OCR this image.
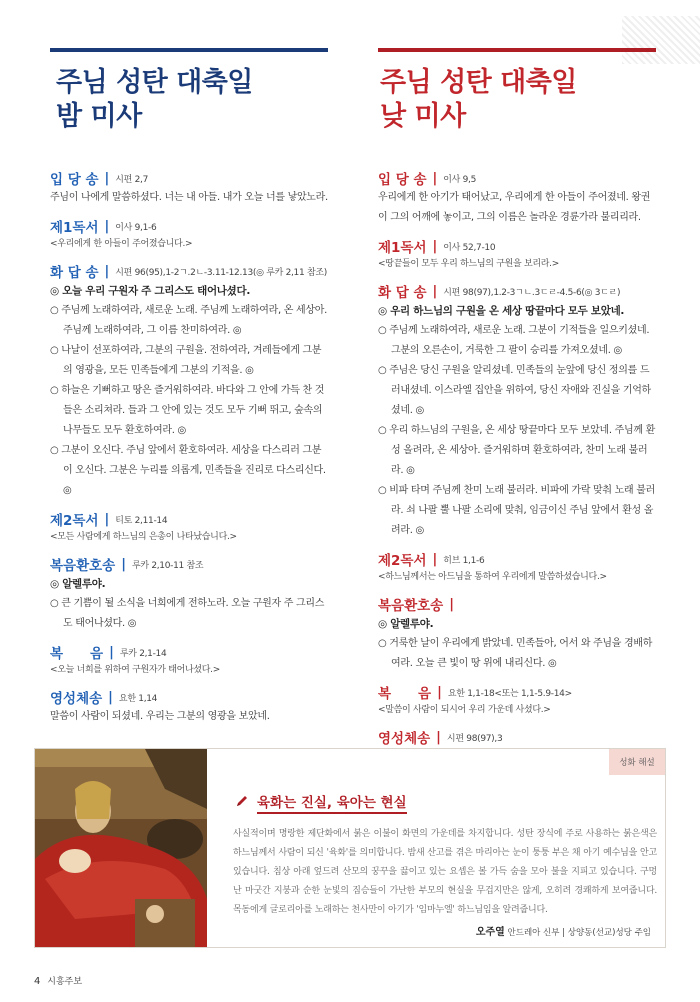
주님 성탄 대축일
밤 미사
입 당 송 | 시편 2,7
주님이 나에게 말씀하셨다. 너는 내 아들. 내가 오늘 너를 낳았노라.
제1독서 | 이사 9,1-6
<우리에게 한 아들이 주어졌습니다.>
화 답 송 | 시편 96(95),1-2ㄱ.2ㄴ-3.11-12.13(◎ 루카 2,11 참조)
◎ 오늘 우리 구원자 주 그리스도 태어나셨다.
○ 주님께 노래하여라, 새로운 노래. 주님께 노래하여라, 온 세상아. 주님께 노래하여라, 그 이름 찬미하여라. ◎
○ 나날이 선포하여라, 그분의 구원을. 전하여라, 겨레들에게 그분의 영광을, 모든 민족들에게 그분의 기적을. ◎
○ 하늘은 기뻐하고 땅은 즐거워하여라. 바다와 그 안에 가득 찬 것들은 소리쳐라. 들과 그 안에 있는 것도 모두 기뻐 뛰고, 숲속의 나무들도 모두 환호하여라. ◎
○ 그분이 오신다. 주님 앞에서 환호하여라. 세상을 다스리러 그분이 오신다. 그분은 누리를 의롭게, 민족들을 진리로 다스리신다. ◎
제2독서 | 티토 2,11-14
<모든 사람에게 하느님의 은총이 나타났습니다.>
복음환호송 | 루카 2,10-11 참조
◎ 알렐루야.
○ 큰 기쁨이 될 소식을 너희에게 전하노라. 오늘 구원자 주 그리스도 태어나셨다. ◎
복　　음 | 루카 2,1-14
<오늘 너희를 위하여 구원자가 태어나셨다.>
영성체송 | 요한 1,14
말씀이 사람이 되셨네. 우리는 그분의 영광을 보았네.
주님 성탄 대축일
낮 미사
입 당 송 | 이사 9,5
우리에게 한 아기가 태어났고, 우리에게 한 아들이 주어졌네. 왕권이 그의 어깨에 놓이고, 그의 이름은 놀라운 경륜가라 불리리라.
제1독서 | 이사 52,7-10
<땅끝들이 모두 우리 하느님의 구원을 보리라.>
화 답 송 | 시편 98(97),1.2-3ㄱㄴ.3ㄷㄹ-4.5-6(◎ 3ㄷㄹ)
◎ 우리 하느님의 구원을 온 세상 땅끝마다 모두 보았네.
○ 주님께 노래하여라, 새로운 노래. 그분이 기적들을 일으키셨네. 그분의 오른손이, 거룩한 그 팔이 승리를 가져오셨네. ◎
○ 주님은 당신 구원을 알리셨네. 민족들의 눈앞에 당신 정의를 드러내셨네. 이스라엘 집안을 위하여, 당신 자애와 진실을 기억하셨네. ◎
○ 우리 하느님의 구원을, 온 세상 땅끝마다 모두 보았네. 주님께 환성 올려라, 온 세상아. 즐거워하며 환호하여라, 찬미 노래 불러라. ◎
○ 비파 타며 주님께 찬미 노래 불러라. 비파에 가락 맞춰 노래 불러라. 쇠 나팔 뿔 나팔 소리에 맞춰, 임금이신 주님 앞에서 환성 올려라. ◎
제2독서 | 히브 1,1-6
<하느님께서는 아드님을 통하여 우리에게 말씀하셨습니다.>
복음환호송 |
◎ 알렐루야.
○ 거룩한 날이 우리에게 밝았네. 민족들아, 어서 와 주님을 경배하여라. 오늘 큰 빛이 땅 위에 내리신다. ◎
복　　음 | 요한 1,1-18<또는 1,1-5.9-14>
<말씀이 사람이 되시어 우리 가운데 사셨다.>
영성체송 | 시편 98(97),3
성화 해설
육화는 진실, 육아는 현실
사실적이며 명랑한 제단화에서 붉은 이불이 화면의 가운데를 차지합니다. 성탄 장식에 주로 사용하는 붉은색은 하느님께서 사람이 되신 '육화'를 의미합니다. 밤새 산고를 겪은 마리아는 눈이 퉁퉁 부은 채 아기 예수님을 안고 있습니다. 침상 아래 엎드려 산모의 꿍꾸을 끓이고 있는 요셉은 볼 가득 숨을 모아 불을 지피고 있습니다. 구멍 난 마굿간 지붕과 순한 눈빛의 짐승들이 가난한 부모의 현실을 무겁지만은 않게, 오히려 경쾌하게 보여줍니다. 목동에게 글로리아를 노래하는 천사만이 아기가 '임마누엘' 하느님임을 알려줍니다.
오주열 안드레아 신부 | 상양동(선교)성당 주임
4 시흥주보
